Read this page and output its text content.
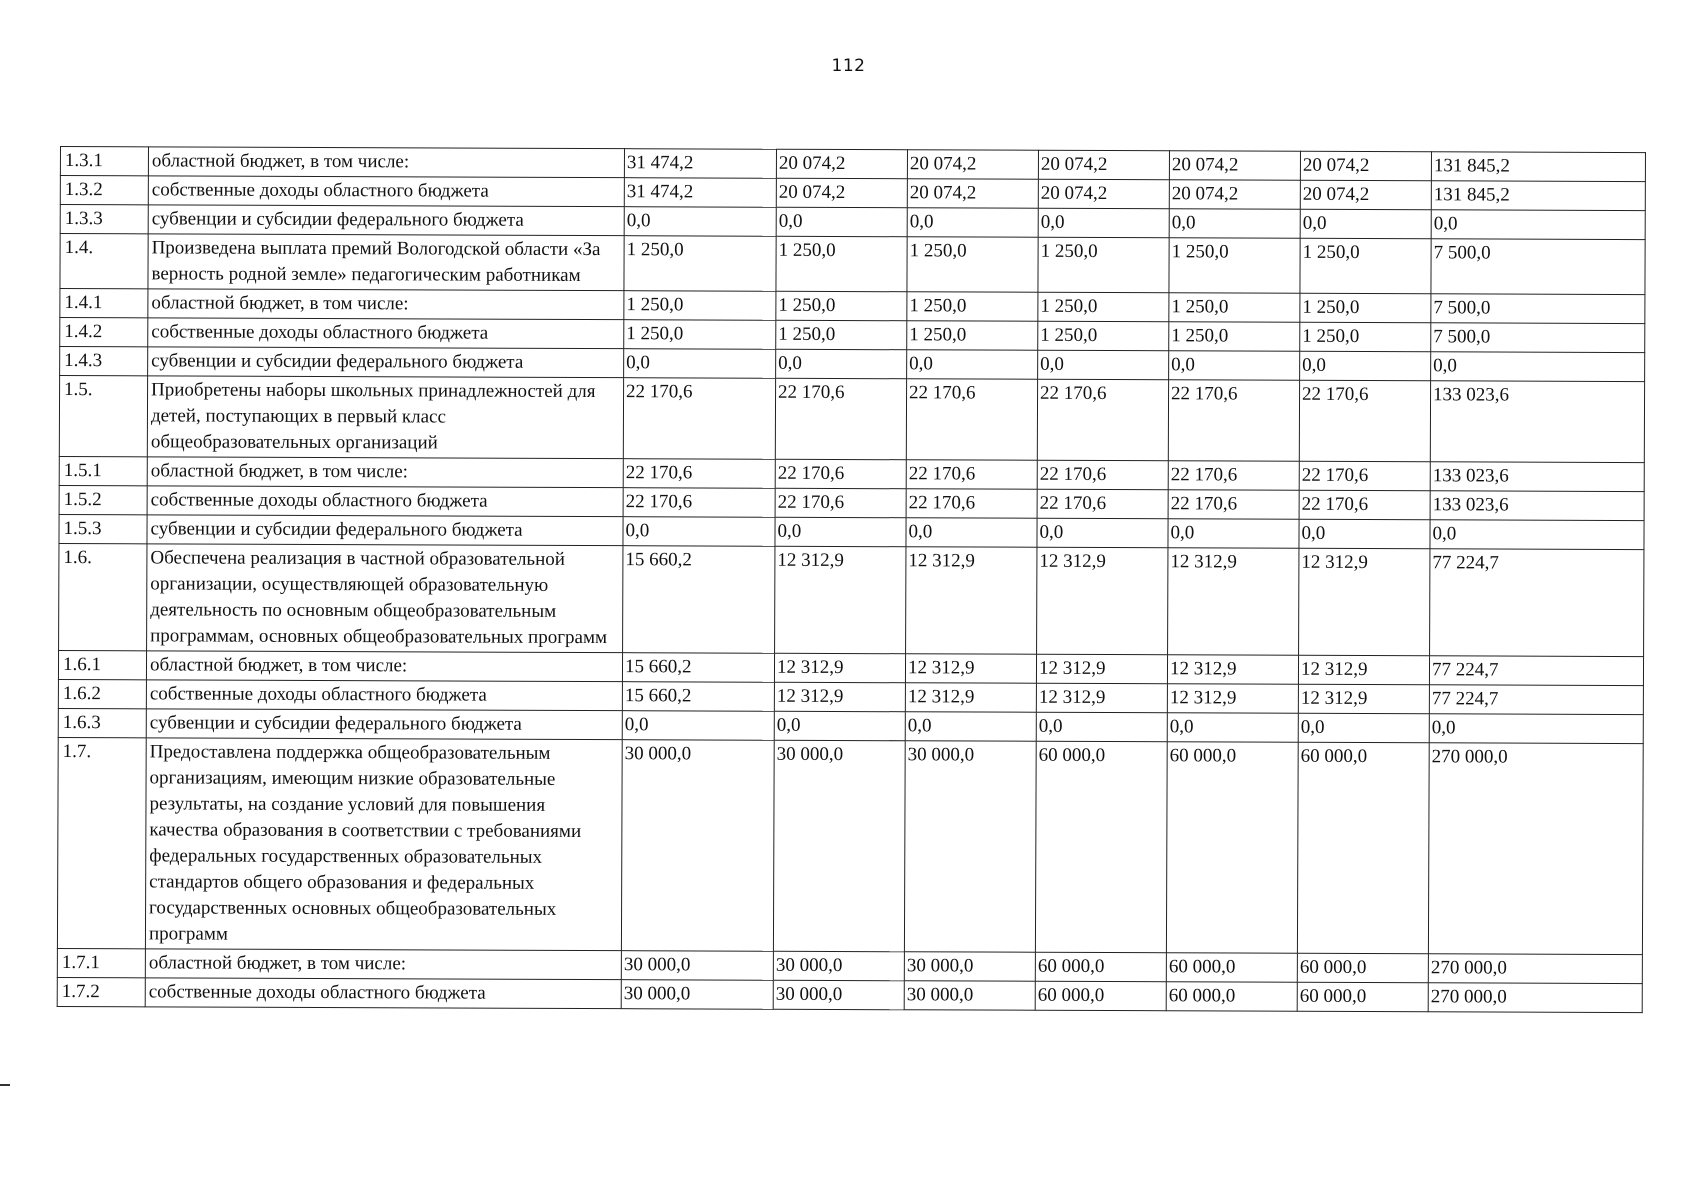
112
1.3.1	областной бюджет, в том числе:	31 474,2	20 074,2	20 074,2	20 074,2	20 074,2	20 074,2	131 845,2
1.3.2	собственные доходы областного бюджета	31 474,2	20 074,2	20 074,2	20 074,2	20 074,2	20 074,2	131 845,2
1.3.3	субвенции и субсидии федерального бюджета	0,0	0,0	0,0	0,0	0,0	0,0	0,0
1.4.	Произведена выплата премий Вологодской области «За верность родной земле» педагогическим работникам	1 250,0	1 250,0	1 250,0	1 250,0	1 250,0	1 250,0	7 500,0
1.4.1	областной бюджет, в том числе:	1 250,0	1 250,0	1 250,0	1 250,0	1 250,0	1 250,0	7 500,0
1.4.2	собственные доходы областного бюджета	1 250,0	1 250,0	1 250,0	1 250,0	1 250,0	1 250,0	7 500,0
1.4.3	субвенции и субсидии федерального бюджета	0,0	0,0	0,0	0,0	0,0	0,0	0,0
1.5.	Приобретены наборы школьных принадлежностей для детей, поступающих в первый класс общеобразовательных организаций	22 170,6	22 170,6	22 170,6	22 170,6	22 170,6	22 170,6	133 023,6
1.5.1	областной бюджет, в том числе:	22 170,6	22 170,6	22 170,6	22 170,6	22 170,6	22 170,6	133 023,6
1.5.2	собственные доходы областного бюджета	22 170,6	22 170,6	22 170,6	22 170,6	22 170,6	22 170,6	133 023,6
1.5.3	субвенции и субсидии федерального бюджета	0,0	0,0	0,0	0,0	0,0	0,0	0,0
1.6.	Обеспечена реализация в частной образовательной организации, осуществляющей образовательную деятельность по основным общеобразовательным программам, основных общеобразовательных программ	15 660,2	12 312,9	12 312,9	12 312,9	12 312,9	12 312,9	77 224,7
1.6.1	областной бюджет, в том числе:	15 660,2	12 312,9	12 312,9	12 312,9	12 312,9	12 312,9	77 224,7
1.6.2	собственные доходы областного бюджета	15 660,2	12 312,9	12 312,9	12 312,9	12 312,9	12 312,9	77 224,7
1.6.3	субвенции и субсидии федерального бюджета	0,0	0,0	0,0	0,0	0,0	0,0	0,0
1.7.	Предоставлена поддержка общеобразовательным организациям, имеющим низкие образовательные результаты, на создание условий для повышения качества образования в соответствии с требованиями федеральных государственных образовательных стандартов общего образования и федеральных государственных основных общеобразовательных программ	30 000,0	30 000,0	30 000,0	60 000,0	60 000,0	60 000,0	270 000,0
1.7.1	областной бюджет, в том числе:	30 000,0	30 000,0	30 000,0	60 000,0	60 000,0	60 000,0	270 000,0
1.7.2	собственные доходы областного бюджета	30 000,0	30 000,0	30 000,0	60 000,0	60 000,0	60 000,0	270 000,0
